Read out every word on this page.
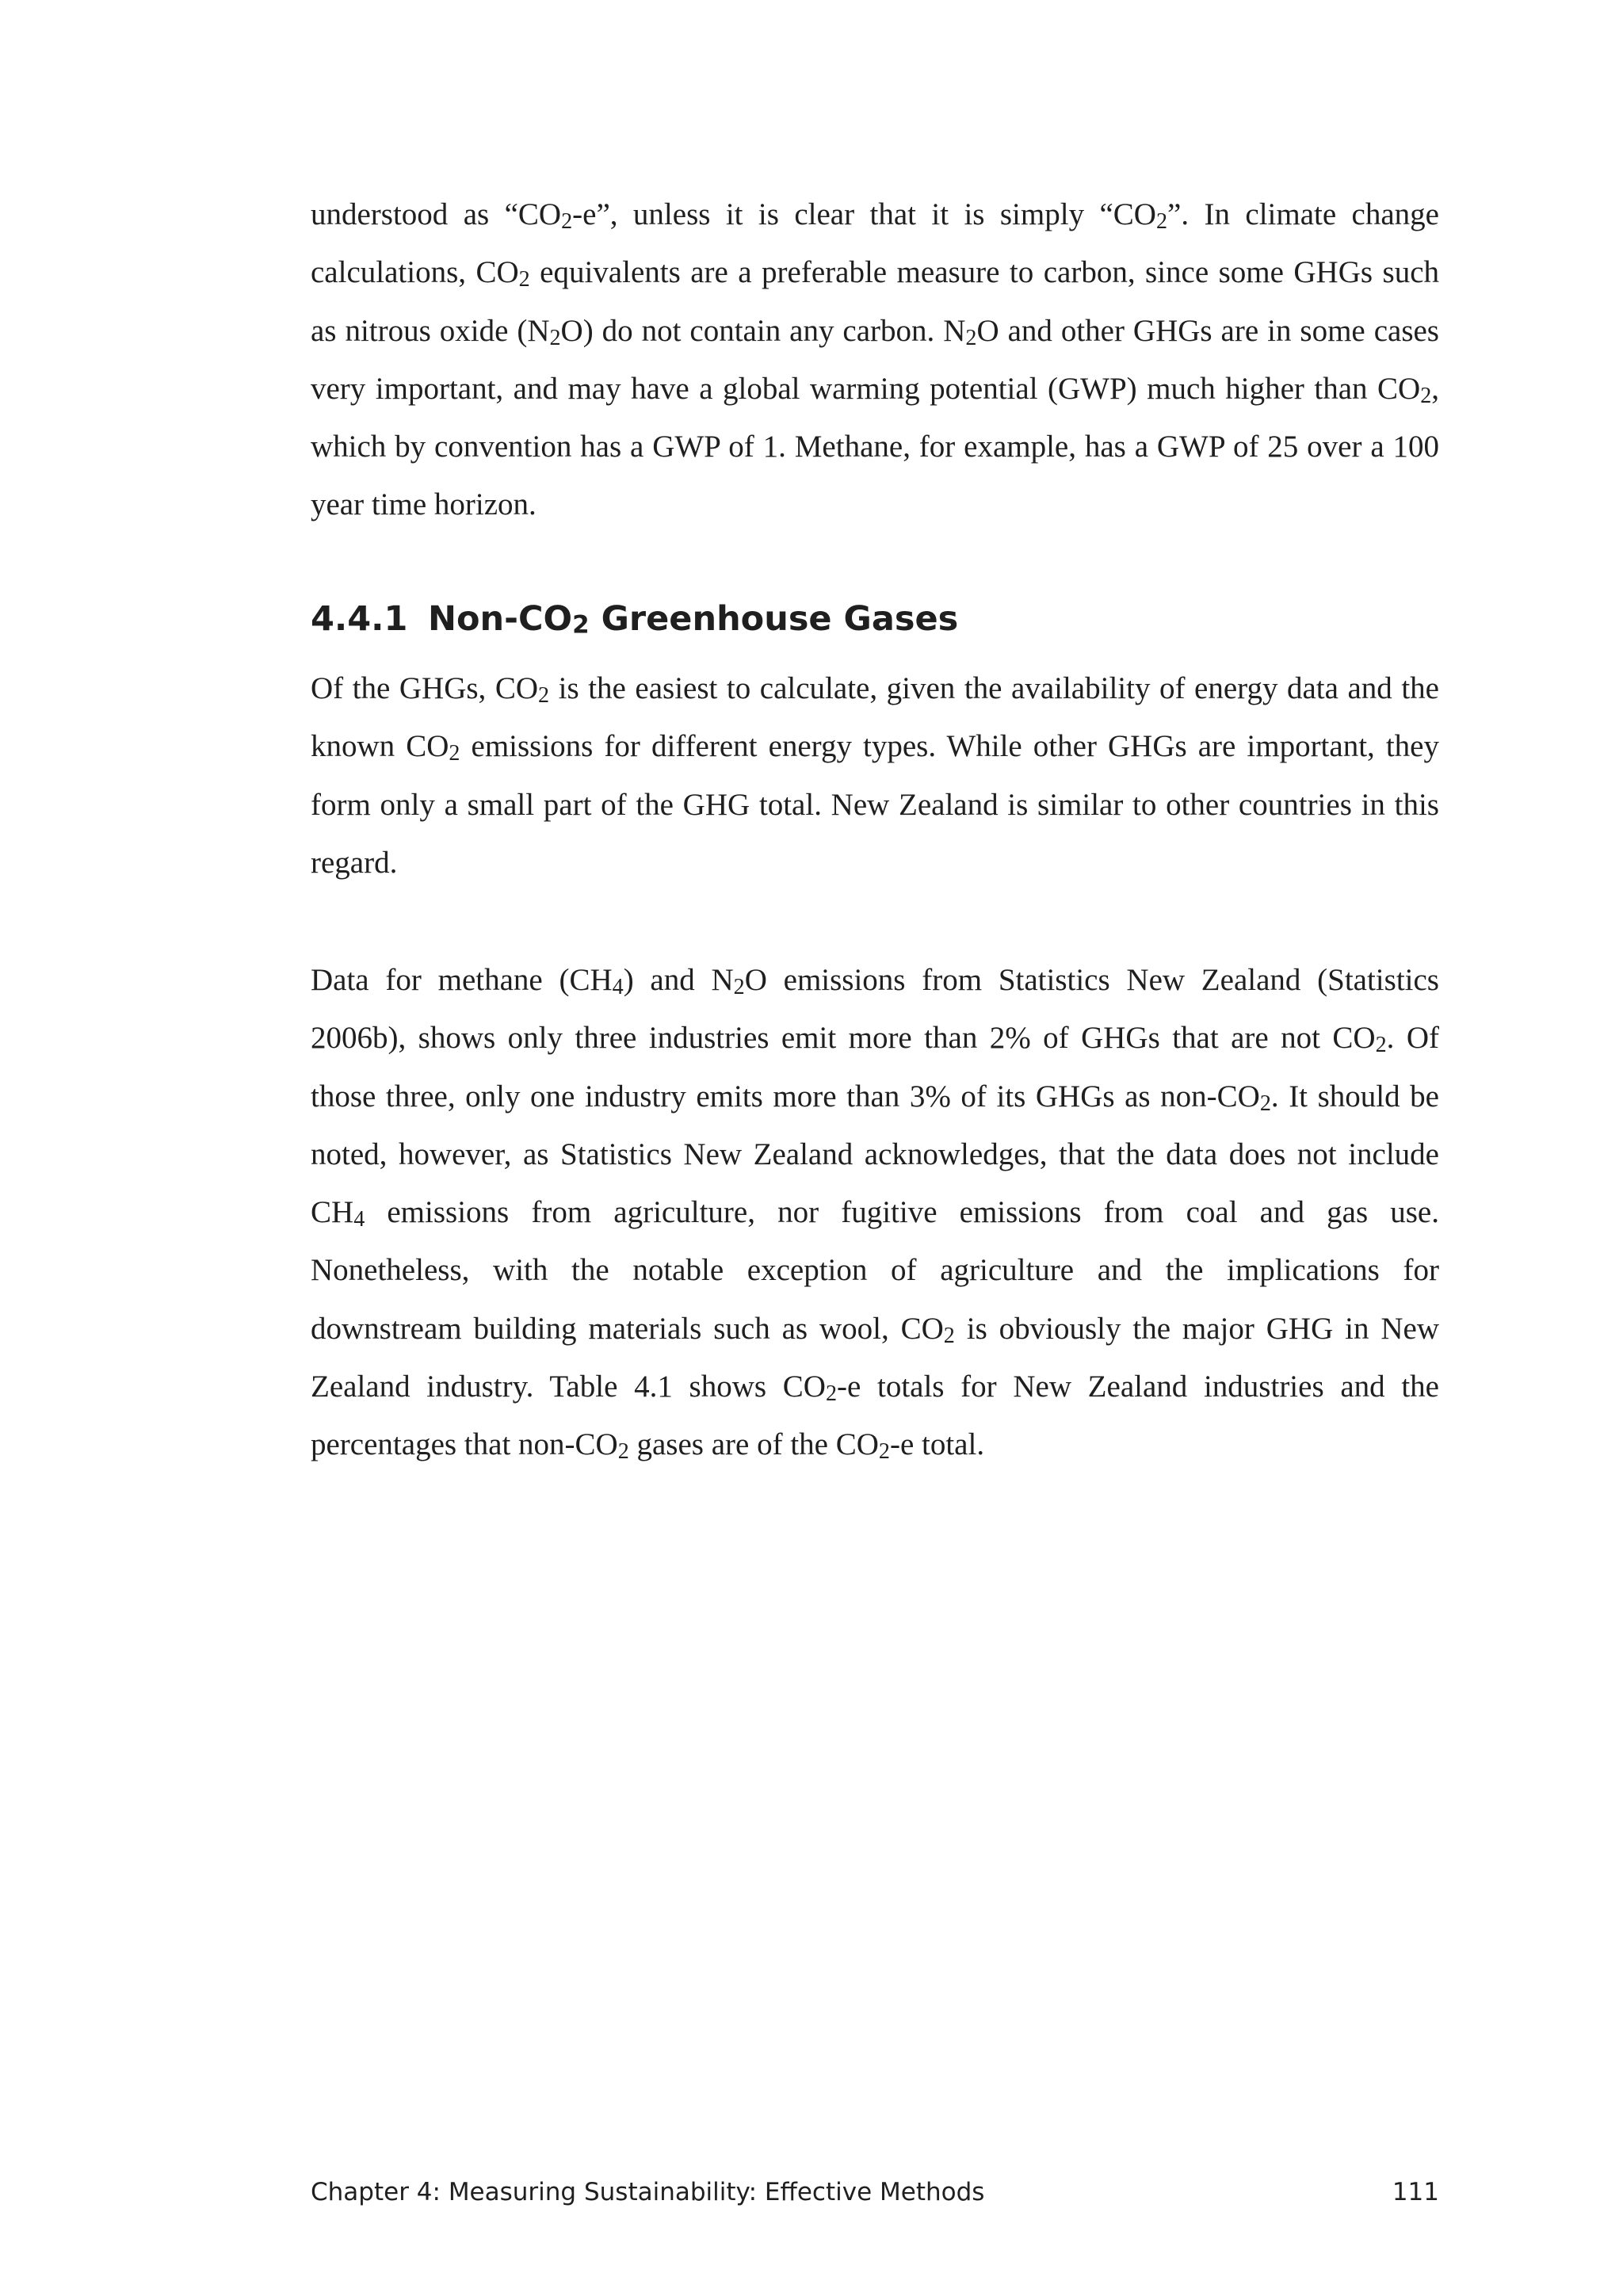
understood as “$CO_2-e$”, unless it is clear that it is simply “$CO_2$”. In climate change calculations, $CO_2$ equivalents are a preferable measure to carbon, since some GHGs such as nitrous oxide $(N_2O)$ do not contain any carbon. $N_2O$ and other GHGs are in some cases very important, and may have a global warming potential (GWP) much higher than $CO_2$, which by convention has a GWP of 1. Methane, for example, has a GWP of 25 over a 100 year time horizon.

4.4.1 Non-$CO_2$ Greenhouse Gases

Of the GHGs, $CO_2$ is the easiest to calculate, given the availability of energy data and the known $CO_2$ emissions for different energy types. While other GHGs are important, they form only a small part of the GHG total. New Zealand is similar to other countries in this regard.

Data for methane $(CH_4)$ and $N_2O$ emissions from Statistics New Zealand (Statistics 2006b), shows only three industries emit more than 2% of GHGs that are not $CO_2$. Of those three, only one industry emits more than 3% of its GHGs as non-$CO_2$. It should be noted, however, as Statistics New Zealand acknowledges, that the data does not include $CH_4$ emissions from agriculture, nor fugitive emissions from coal and gas use. Nonetheless, with the notable exception of agriculture and the implications for downstream building materials such as wool, $CO_2$ is obviously the major GHG in New Zealand industry. Table 4.1 shows $CO_2-e$ totals for New Zealand industries and the percentages that non-$CO_2$ gases are of the $CO_2-e$ total.

Chapter 4: Measuring Sustainability: Effective Methods	111
